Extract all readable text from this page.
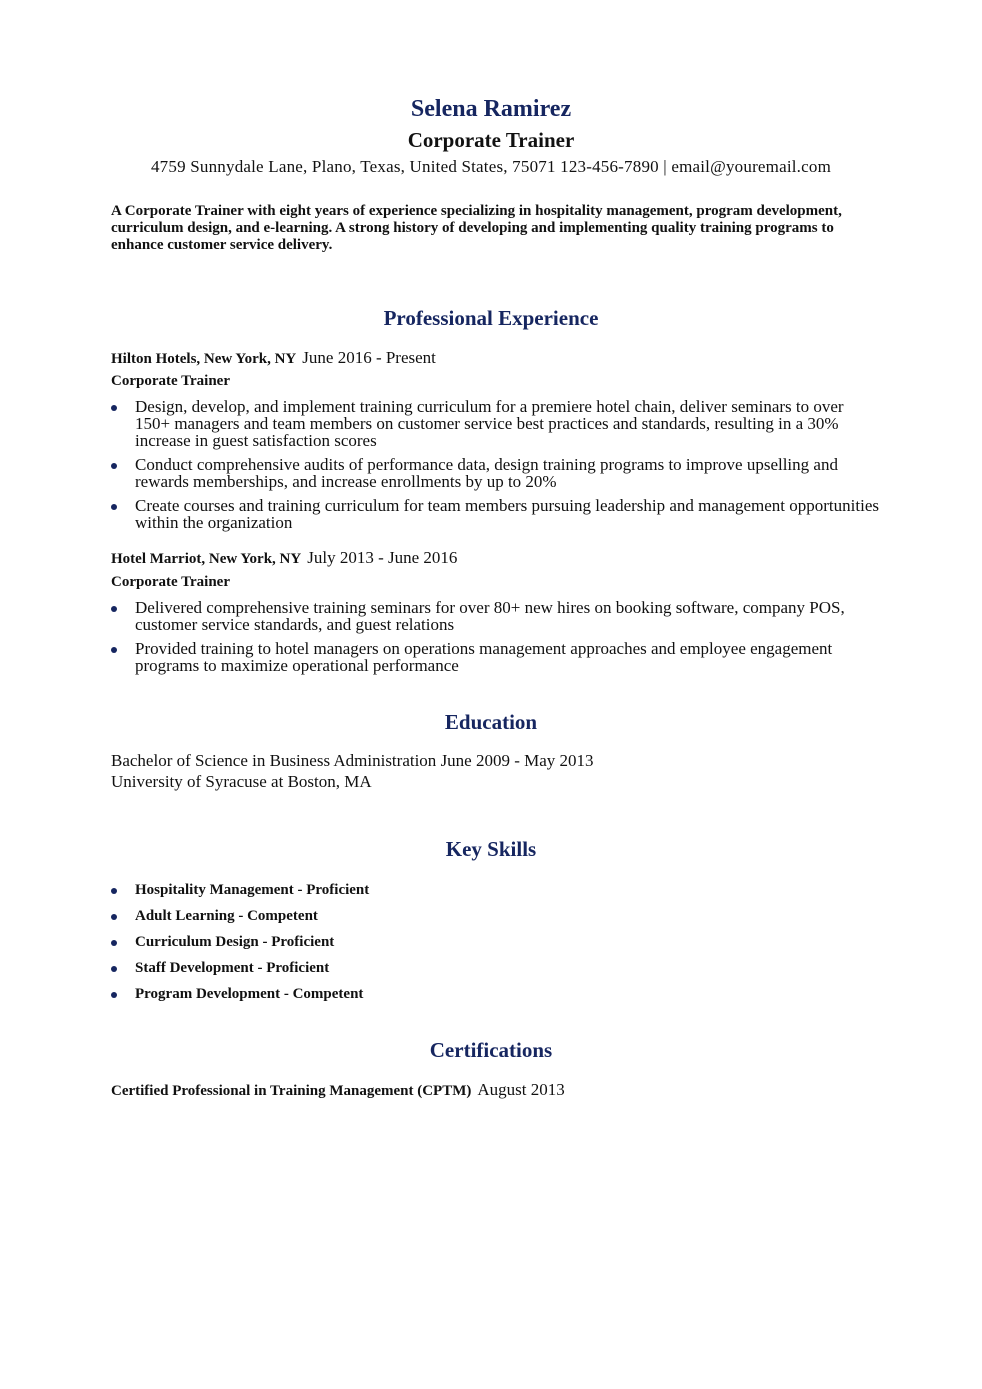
Selena Ramirez
Corporate Trainer
4759 Sunnydale Lane, Plano, Texas, United States, 75071 123-456-7890 | email@youremail.com
A Corporate Trainer with eight years of experience specializing in hospitality management, program development, curriculum design, and e-learning. A strong history of developing and implementing quality training programs to enhance customer service delivery.
Professional Experience
Hilton Hotels, New York, NY June 2016 - Present
Corporate Trainer
Design, develop, and implement training curriculum for a premiere hotel chain, deliver seminars to over 150+ managers and team members on customer service best practices and standards, resulting in a 30% increase in guest satisfaction scores
Conduct comprehensive audits of performance data, design training programs to improve upselling and rewards memberships, and increase enrollments by up to 20%
Create courses and training curriculum for team members pursuing leadership and management opportunities within the organization
Hotel Marriot, New York, NY July 2013 - June 2016
Corporate Trainer
Delivered comprehensive training seminars for over 80+ new hires on booking software, company POS, customer service standards, and guest relations
Provided training to hotel managers on operations management approaches and employee engagement programs to maximize operational performance
Education
Bachelor of Science in Business Administration June 2009 - May 2013
University of Syracuse at Boston, MA
Key Skills
Hospitality Management - Proficient
Adult Learning - Competent
Curriculum Design - Proficient
Staff Development - Proficient
Program Development - Competent
Certifications
Certified Professional in Training Management (CPTM) August 2013
